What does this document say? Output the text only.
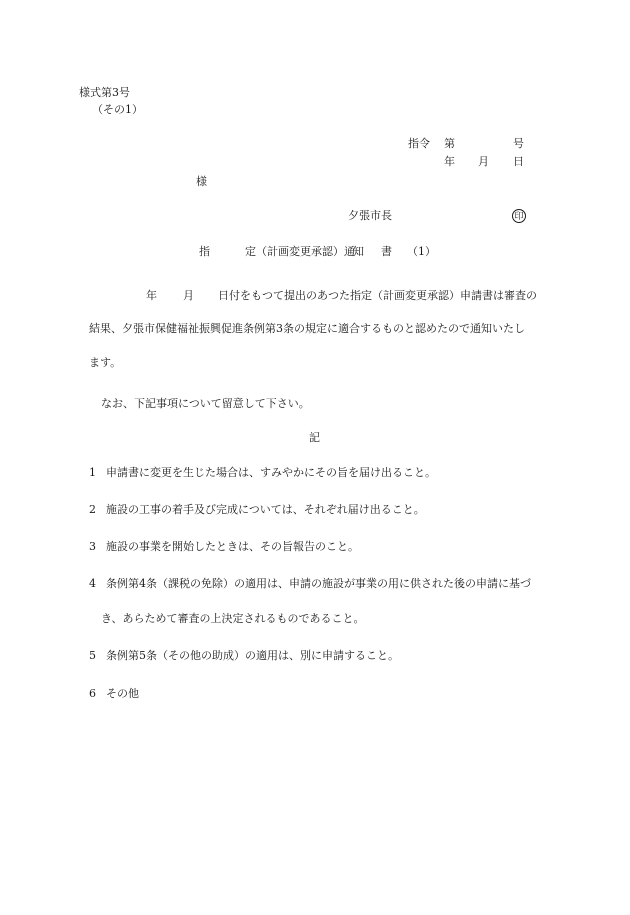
様式第3号
（その1）
指令 第	号
年 月 日
様
夕張市長	印
指	定（計画変更承認）通
知 書 （1）
年 月 日付をもつて提出のあつた指定（計画変更承認）申請書は審査の
結果、夕張市保健福祉振興促進条例第3条の規定に適合するものと認めたので通知いたし
ます。
なお、下記事項について留意して下さい。
記
1 申請書に変更を生じた場合は、すみやかにその旨を届け出ること。
2 施設の工事の着手及び完成については、それぞれ届け出ること。
3 施設の事業を開始したときは、その旨報告のこと。
4 条例第4条（課税の免除）の適用は、申請の施設が事業の用に供された後の申請に基づ
き、あらためて審査の上決定されるものであること。
5 条例第5条（その他の助成）の適用は、別に申請すること。
6 その他
